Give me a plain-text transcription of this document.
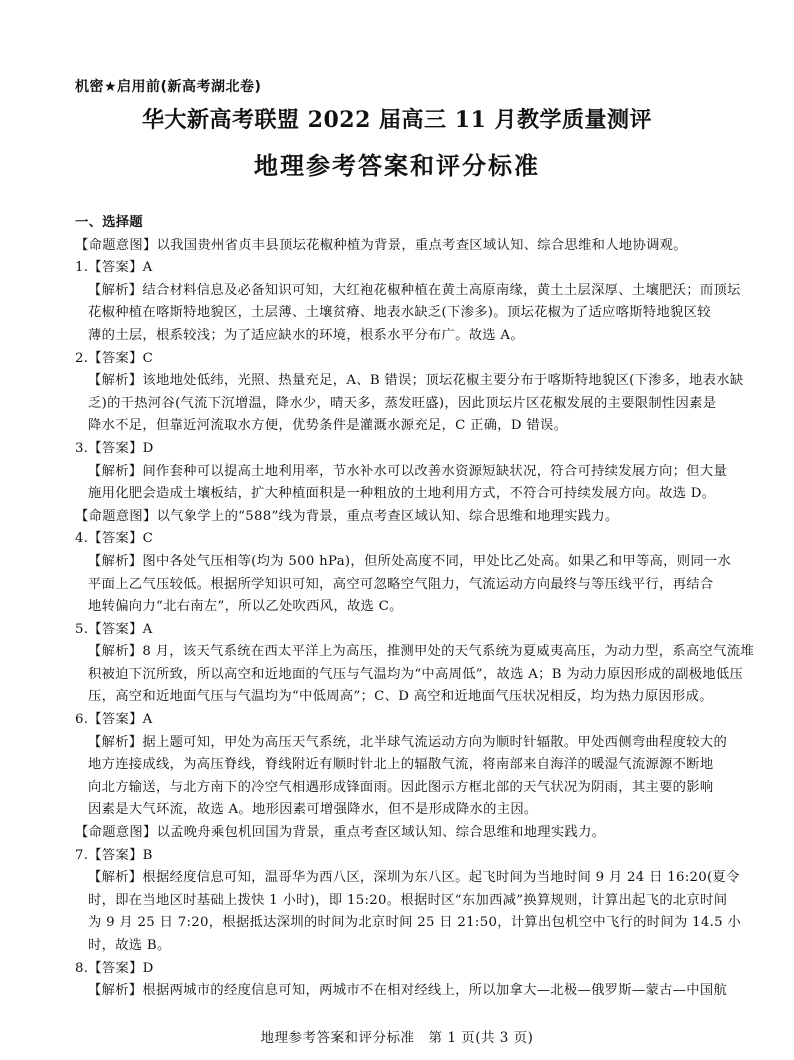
机密★启用前(新高考湖北卷)
华大新高考联盟 2022 届高三 11 月教学质量测评
地理参考答案和评分标准
一、选择题
【命题意图】以我国贵州省贞丰县顶坛花椒种植为背景，重点考查区域认知、综合思维和人地协调观。
1.【答案】A
【解析】结合材料信息及必备知识可知，大红袍花椒种植在黄土高原南缘，黄土土层深厚、土壤肥沃；而顶坛
花椒种植在喀斯特地貌区，土层薄、土壤贫瘠、地表水缺乏(下渗多)。顶坛花椒为了适应喀斯特地貌区较
薄的土层，根系较浅；为了适应缺水的环境，根系水平分布广。故选 A。
2.【答案】C
【解析】该地地处低纬，光照、热量充足，A、B 错误；顶坛花椒主要分布于喀斯特地貌区(下渗多，地表水缺
乏)的干热河谷(气流下沉增温，降水少，晴天多，蒸发旺盛)，因此顶坛片区花椒发展的主要限制性因素是
降水不足，但靠近河流取水方便，优势条件是灌溉水源充足，C 正确，D 错误。
3.【答案】D
【解析】间作套种可以提高土地利用率，节水补水可以改善水资源短缺状况，符合可持续发展方向；但大量
施用化肥会造成土壤板结，扩大种植面积是一种粗放的土地利用方式，不符合可持续发展方向。故选 D。
【命题意图】以气象学上的“588”线为背景，重点考查区域认知、综合思维和地理实践力。
4.【答案】C
【解析】图中各处气压相等(均为 500 hPa)，但所处高度不同，甲处比乙处高。如果乙和甲等高，则同一水
平面上乙气压较低。根据所学知识可知，高空可忽略空气阻力，气流运动方向最终与等压线平行，再结合
地转偏向力“北右南左”，所以乙处吹西风，故选 C。
5.【答案】A
【解析】8 月，该天气系统在西太平洋上为高压，推测甲处的天气系统为夏威夷高压，为动力型，系高空气流堆
积被迫下沉所致，所以高空和近地面的气压与气温均为“中高周低”，故选 A；B 为动力原因形成的副极地低压
压，高空和近地面气压与气温均为“中低周高”；C、D 高空和近地面气压状况相反，均为热力原因形成。
6.【答案】A
【解析】据上题可知，甲处为高压天气系统，北半球气流运动方向为顺时针辐散。甲处西侧弯曲程度较大的
地方连接成线，为高压脊线，脊线附近有顺时针北上的辐散气流，将南部来自海洋的暖湿气流源源不断地
向北方输送，与北方南下的冷空气相遇形成锋面雨。因此图示方框北部的天气状况为阴雨，其主要的影响
因素是大气环流，故选 A。地形因素可增强降水，但不是形成降水的主因。
【命题意图】以孟晚舟乘包机回国为背景，重点考查区域认知、综合思维和地理实践力。
7.【答案】B
【解析】根据经度信息可知，温哥华为西八区，深圳为东八区。起飞时间为当地时间 9 月 24 日 16:20(夏令
时，即在当地区时基础上拨快 1 小时)，即 15:20。根据时区“东加西减”换算规则，计算出起飞的北京时间
为 9 月 25 日 7:20，根据抵达深圳的时间为北京时间 25 日 21:50，计算出包机空中飞行的时间为 14.5 小
时，故选 B。
8.【答案】D
【解析】根据两城市的经度信息可知，两城市不在相对经线上，所以加拿大—北极—俄罗斯—蒙古—中国航
地理参考答案和评分标准　第 1 页(共 3 页)
